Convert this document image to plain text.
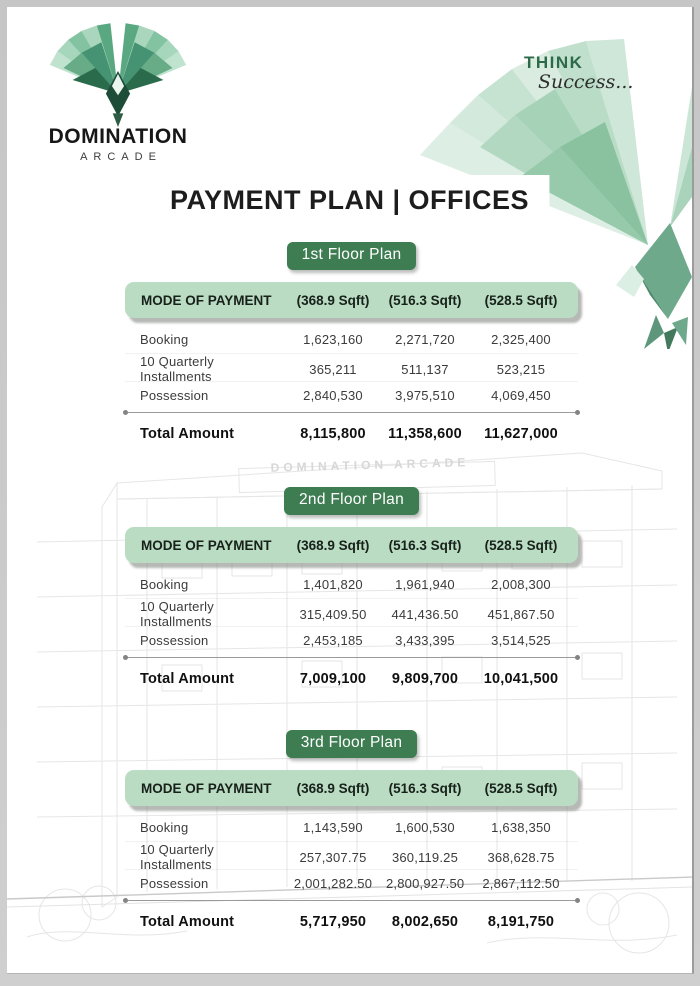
DOMINATION ARCADE
THINK
Success...
DOMINATION
ARCADE
PAYMENT PLAN | OFFICES
1st Floor Plan
MODE OF PAYMENT	(368.9 Sqft)	(516.3 Sqft)	(528.5 Sqft)
Booking	1,623,160	2,271,720	2,325,400
10 Quarterly Installments	365,211	511,137	523,215
Possession	2,840,530	3,975,510	4,069,450
Total Amount	8,115,800	11,358,600	11,627,000
2nd Floor Plan
MODE OF PAYMENT	(368.9 Sqft)	(516.3 Sqft)	(528.5 Sqft)
Booking	1,401,820	1,961,940	2,008,300
10 Quarterly Installments	315,409.50	441,436.50	451,867.50
Possession	2,453,185	3,433,395	3,514,525
Total Amount	7,009,100	9,809,700	10,041,500
3rd Floor Plan
MODE OF PAYMENT	(368.9 Sqft)	(516.3 Sqft)	(528.5 Sqft)
Booking	1,143,590	1,600,530	1,638,350
10 Quarterly Installments	257,307.75	360,119.25	368,628.75
Possession	2,001,282.50	2,800,927.50	2,867,112.50
Total Amount	5,717,950	8,002,650	8,191,750
